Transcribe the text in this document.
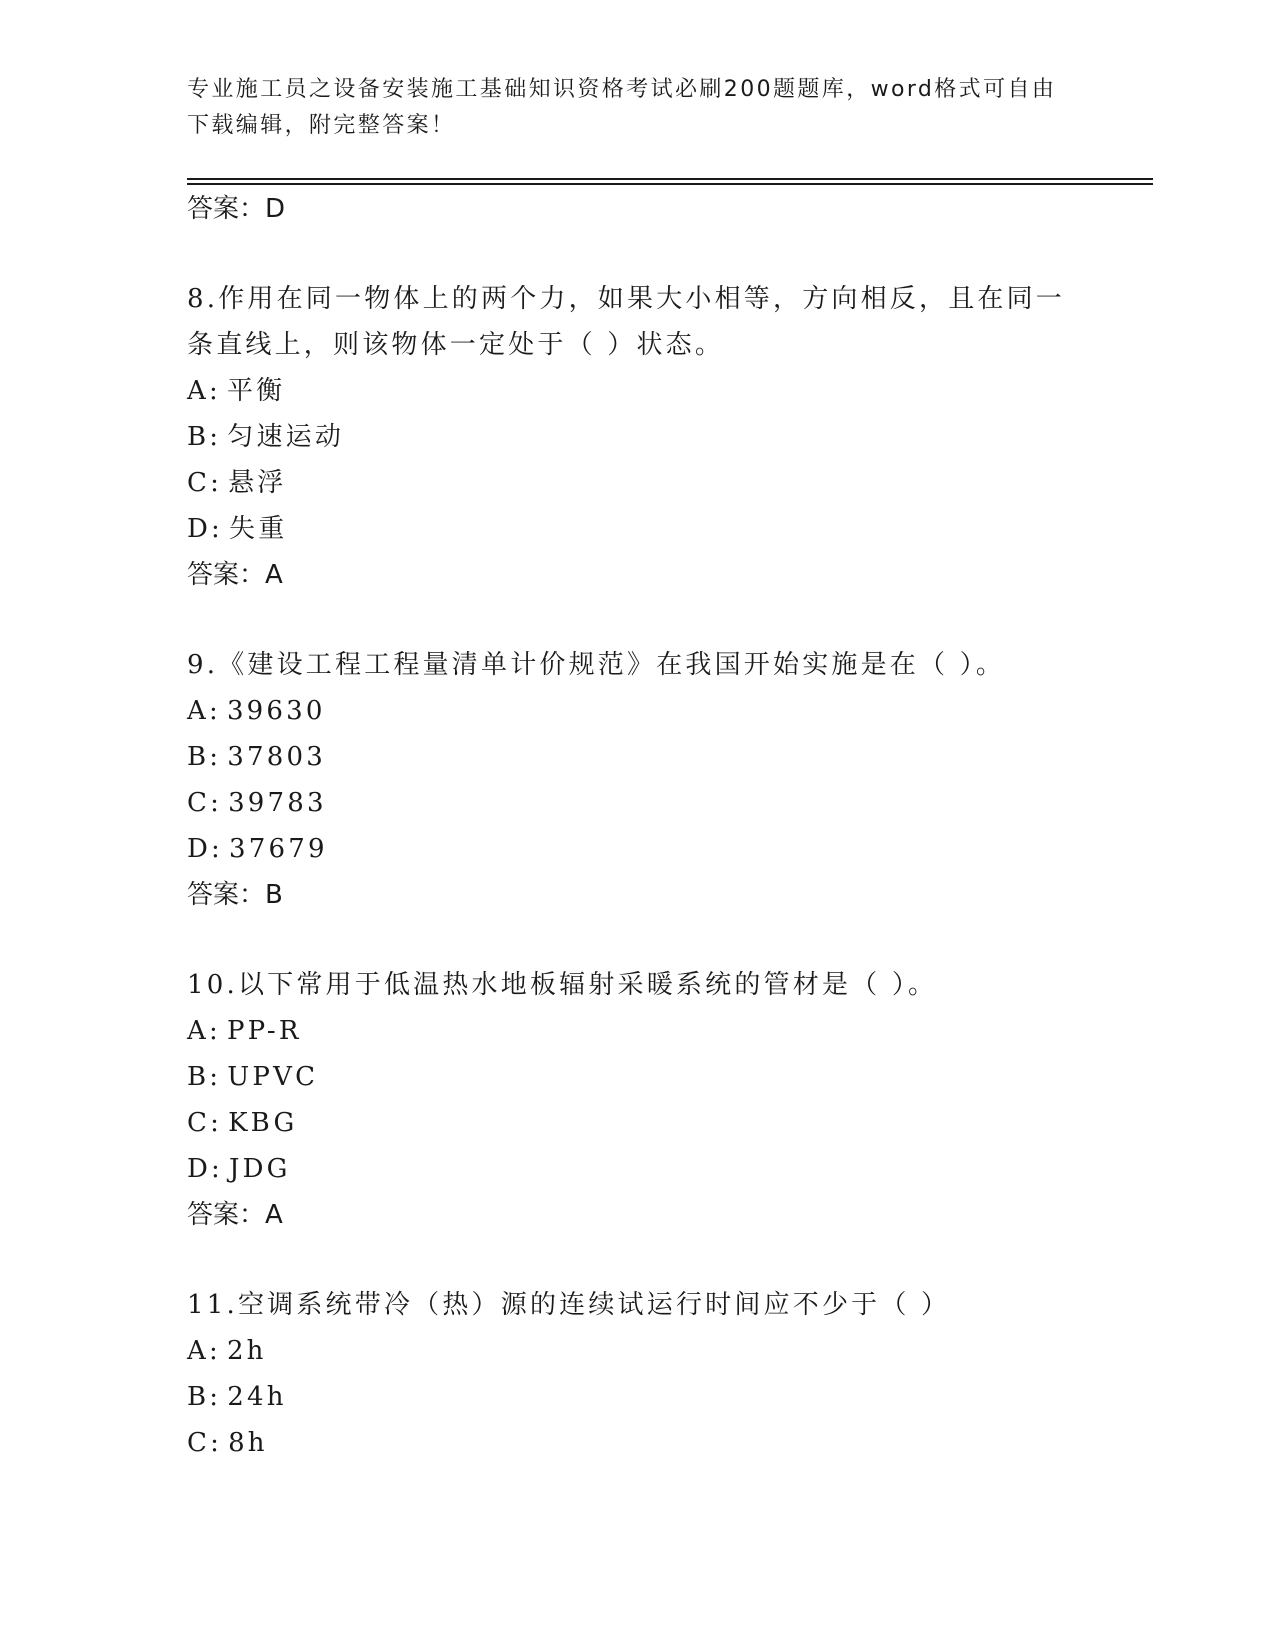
专业施工员之设备安装施工基础知识资格考试必刷200题题库，word格式可自由下载编辑，附完整答案！

答案：D

8.作用在同一物体上的两个力，如果大小相等，方向相反，且在同一

条直线上，则该物体一定处于（ ）状态。

A: 平衡

B: 匀速运动

C: 悬浮

D: 失重

答案：A

9.《建设工程工程量清单计价规范》在我国开始实施是在（ ）。

A: 39630

B: 37803

C: 39783

D: 37679

答案：B

10.以下常用于低温热水地板辐射采暖系统的管材是（ ）。

A: PP-R

B: UPVC

C: KBG

D: JDG

答案：A

11.空调系统带冷（热）源的连续试运行时间应不少于（ ）

A: 2h

B: 24h

C: 8h
